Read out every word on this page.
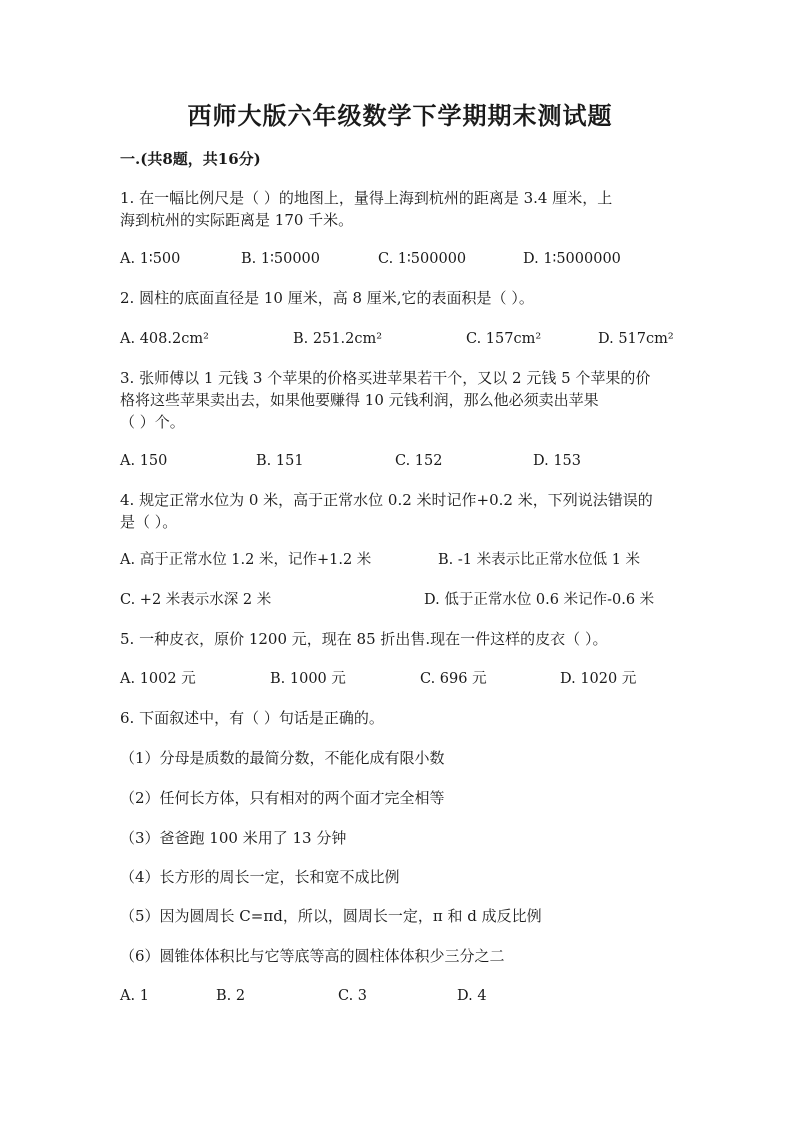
西师大版六年级数学下学期期末测试题
一.(共8题，共16分)
1. 在一幅比例尺是（ ）的地图上，量得上海到杭州的距离是 3.4 厘米，上
海到杭州的实际距离是 170 千米。
A. 1∶500	B. 1∶50000	C. 1∶500000	D. 1∶5000000
2. 圆柱的底面直径是 10 厘米，高 8 厘米,它的表面积是（ ）。
A. 408.2cm²	B. 251.2cm²	C. 157cm²	D. 517cm²
3. 张师傅以 1 元钱 3 个苹果的价格买进苹果若干个，又以 2 元钱 5 个苹果的价
格将这些苹果卖出去，如果他要赚得 10 元钱利润，那么他必须卖出苹果
（ ）个。
A. 150	B. 151	C. 152	D. 153
4. 规定正常水位为 0 米，高于正常水位 0.2 米时记作+0.2 米，下列说法错误的
是（ ）。
A. 高于正常水位 1.2 米，记作+1.2 米	B. -1 米表示比正常水位低 1 米
C. +2 米表示水深 2 米	D. 低于正常水位 0.6 米记作-0.6 米
5. 一种皮衣，原价 1200 元，现在 85 折出售.现在一件这样的皮衣（ ）。
A. 1002 元	B. 1000 元	C. 696 元	D. 1020 元
6. 下面叙述中，有（ ）句话是正确的。
（1）分母是质数的最简分数，不能化成有限小数
（2）任何长方体，只有相对的两个面才完全相等
（3）爸爸跑 100 米用了 13 分钟
（4）长方形的周长一定，长和宽不成比例
（5）因为圆周长 C=πd，所以，圆周长一定，π 和 d 成反比例
（6）圆锥体体积比与它等底等高的圆柱体体积少三分之二
A. 1	B. 2	C. 3	D. 4
